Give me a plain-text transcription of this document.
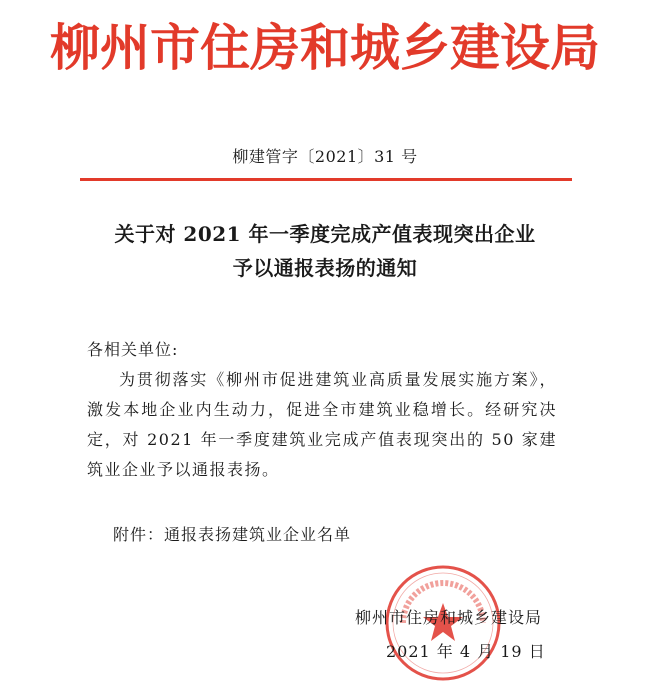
柳州市住房和城乡建设局
柳建管字〔2021〕31 号
关于对 2021 年一季度完成产值表现突出企业
予以通报表扬的通知
各相关单位:
为贯彻落实《柳州市促进建筑业高质量发展实施方案》，激发本地企业内生动力，促进全市建筑业稳增长。经研究决定，对 2021 年一季度建筑业完成产值表现突出的 50 家建筑业企业予以通报表扬。
附件：通报表扬建筑业企业名单
柳州市住房和城乡建设局
2021 年 4 月 19 日
